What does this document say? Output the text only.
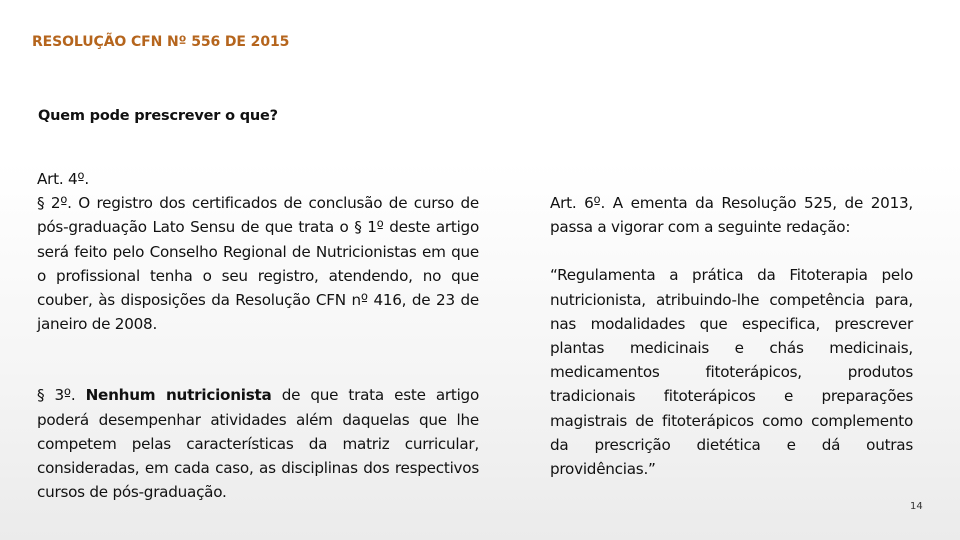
RESOLUÇÃO CFN Nº 556 DE 2015
Quem pode prescrever o que?

Art. 4º.

§ 2º. O registro dos certificados de conclusão de curso de pós-graduação Lato Sensu de que trata o § 1º deste artigo será feito pelo Conselho Regional de Nutricionistas em que o profissional tenha o seu registro, atendendo, no que couber, às disposições da Resolução CFN nº 416, de 23 de janeiro de 2008.

§ 3º. Nenhum nutricionista de que trata este artigo poderá desempenhar atividades além daquelas que lhe competem pelas características da matriz curricular, consideradas, em cada caso, as disciplinas dos respectivos cursos de pós-graduação.

Art. 6º. A ementa da Resolução 525, de 2013, passa a vigorar com a seguinte redação:

“Regulamenta a prática da Fitoterapia pelo nutricionista, atribuindo-lhe competência para, nas modalidades que especifica, prescrever plantas medicinais e chás medicinais, medicamentos fitoterápicos, produtos tradicionais fitoterápicos e preparações magistrais de fitoterápicos como complemento da prescrição dietética e dá outras providências.”

14
